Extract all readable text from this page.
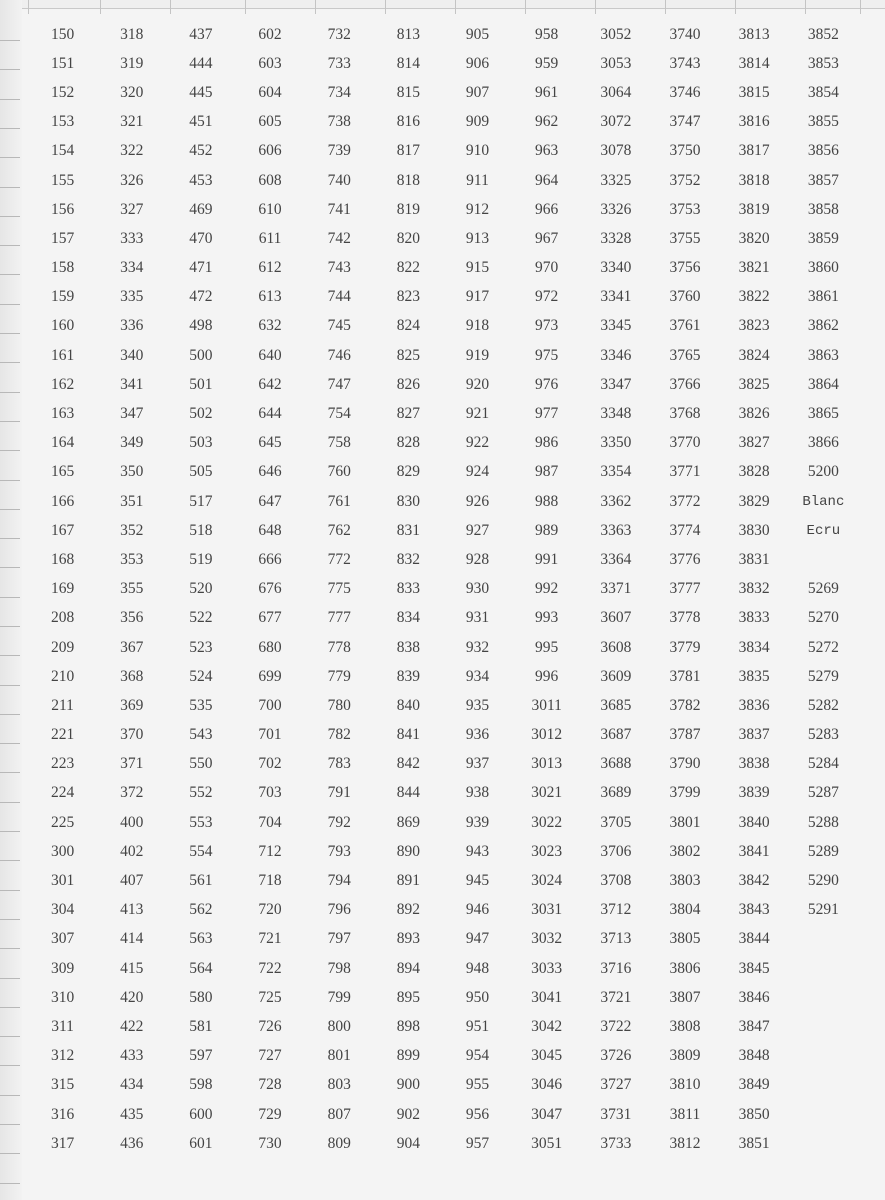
150	318	437	602	732	813	905	958	3052	3740	3813	3852
151	319	444	603	733	814	906	959	3053	3743	3814	3853
152	320	445	604	734	815	907	961	3064	3746	3815	3854
153	321	451	605	738	816	909	962	3072	3747	3816	3855
154	322	452	606	739	817	910	963	3078	3750	3817	3856
155	326	453	608	740	818	911	964	3325	3752	3818	3857
156	327	469	610	741	819	912	966	3326	3753	3819	3858
157	333	470	611	742	820	913	967	3328	3755	3820	3859
158	334	471	612	743	822	915	970	3340	3756	3821	3860
159	335	472	613	744	823	917	972	3341	3760	3822	3861
160	336	498	632	745	824	918	973	3345	3761	3823	3862
161	340	500	640	746	825	919	975	3346	3765	3824	3863
162	341	501	642	747	826	920	976	3347	3766	3825	3864
163	347	502	644	754	827	921	977	3348	3768	3826	3865
164	349	503	645	758	828	922	986	3350	3770	3827	3866
165	350	505	646	760	829	924	987	3354	3771	3828	5200
166	351	517	647	761	830	926	988	3362	3772	3829	Blanc
167	352	518	648	762	831	927	989	3363	3774	3830	Ecru
168	353	519	666	772	832	928	991	3364	3776	3831	
169	355	520	676	775	833	930	992	3371	3777	3832	5269
208	356	522	677	777	834	931	993	3607	3778	3833	5270
209	367	523	680	778	838	932	995	3608	3779	3834	5272
210	368	524	699	779	839	934	996	3609	3781	3835	5279
211	369	535	700	780	840	935	3011	3685	3782	3836	5282
221	370	543	701	782	841	936	3012	3687	3787	3837	5283
223	371	550	702	783	842	937	3013	3688	3790	3838	5284
224	372	552	703	791	844	938	3021	3689	3799	3839	5287
225	400	553	704	792	869	939	3022	3705	3801	3840	5288
300	402	554	712	793	890	943	3023	3706	3802	3841	5289
301	407	561	718	794	891	945	3024	3708	3803	3842	5290
304	413	562	720	796	892	946	3031	3712	3804	3843	5291
307	414	563	721	797	893	947	3032	3713	3805	3844	
309	415	564	722	798	894	948	3033	3716	3806	3845	
310	420	580	725	799	895	950	3041	3721	3807	3846	
311	422	581	726	800	898	951	3042	3722	3808	3847	
312	433	597	727	801	899	954	3045	3726	3809	3848	
315	434	598	728	803	900	955	3046	3727	3810	3849	
316	435	600	729	807	902	956	3047	3731	3811	3850	
317	436	601	730	809	904	957	3051	3733	3812	3851	
